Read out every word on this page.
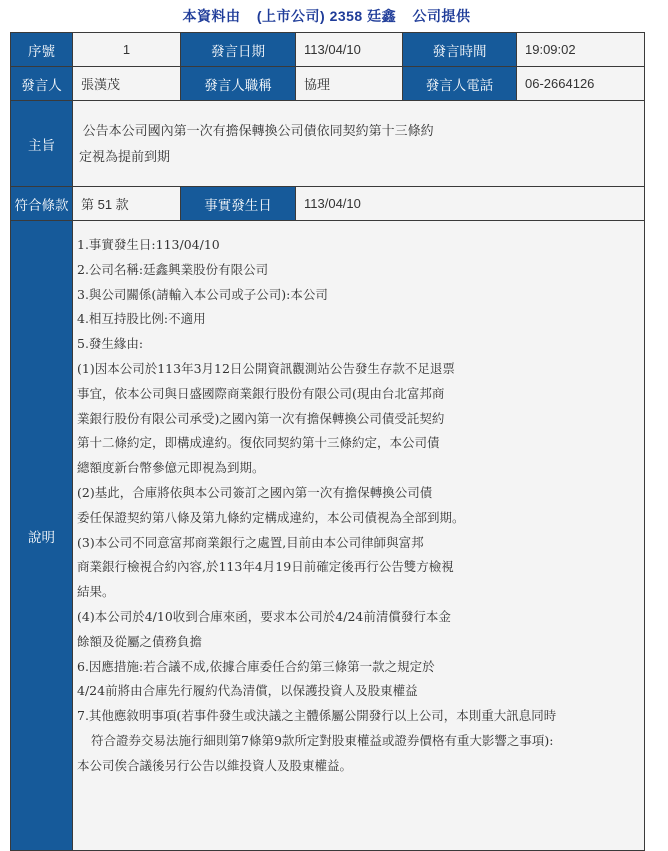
本資料由 (上市公司) 2358 廷鑫 公司提供
序號	1	發言日期	113/04/10	發言時間	19:09:02
發言人	張漢茂	發言人職稱	協理	發言人電話	06-2664126
主旨	公告本公司國內第一次有擔保轉換公司債依同契約第十三條約
定視為提前到期				

符合條款	第 51 款	事實發生日	113/04/10		
說明	
1.事實發生日:113/04/10
2.公司名稱:廷鑫興業股份有限公司
3.與公司關係(請輸入本公司或子公司):本公司
4.相互持股比例:不適用
5.發生緣由:
(1)因本公司於113年3月12日公開資訊觀測站公告發生存款不足退票
事宜，依本公司與日盛國際商業銀行股份有限公司(現由台北富邦商
業銀行股份有限公司承受)之國內第一次有擔保轉換公司債受託契約
第十二條約定，即構成違約。復依同契約第十三條約定，本公司債
總額度新台幣參億元即視為到期。
(2)基此，合庫將依與本公司簽訂之國內第一次有擔保轉換公司債
委任保證契約第八條及第九條約定構成違約，本公司債視為全部到期。
(3)本公司不同意富邦商業銀行之處置,目前由本公司律師與富邦
商業銀行檢視合約內容,於113年4月19日前確定後再行公告雙方檢視
結果。
(4)本公司於4/10收到合庫來函，要求本公司於4/24前清償發行本金
餘額及從屬之債務負擔
6.因應措施:若合議不成,依據合庫委任合約第三條第一款之規定於
4/24前將由合庫先行履約代為清償，以保護投資人及股東權益
7.其他應敘明事項(若事件發生或決議之主體係屬公開發行以上公司，本則重大訊息同時
符合證券交易法施行細則第7條第9款所定對股東權益或證券價格有重大影響之事項):
本公司俟合議後另行公告以維投資人及股東權益。
